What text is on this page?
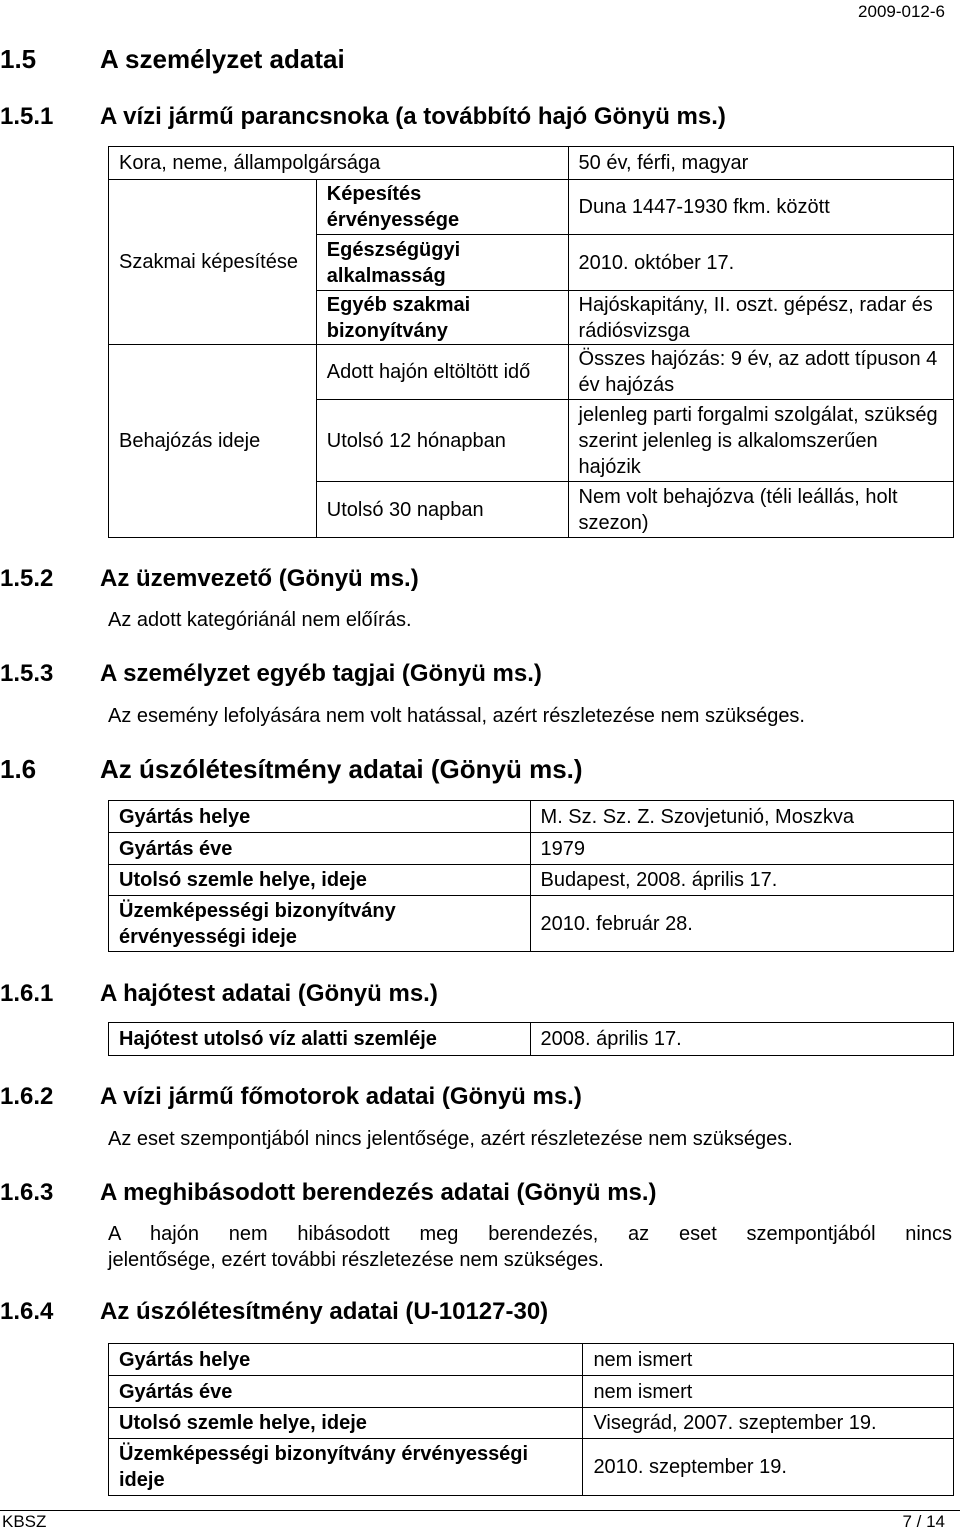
2009-012-6
1.5 A személyzet adatai
1.5.1 A vízi jármű parancsnoka (a továbbító hajó Gönyü ms.)
Kora, neme, állampolgársága		50 év, férfi, magyar
Szakmai képesítése	Képesítés érvényessége	Duna 1447-1930 fkm. között
	Egészségügyi alkalmasság	2010. október 17.
	Egyéb szakmai bizonyítvány	Hajóskapitány, II. oszt. gépész, radar és rádiósvizsga
Behajózás ideje	Adott hajón eltöltött idő	Összes hajózás: 9 év, az adott típuson 4 év hajózás
	Utolsó 12 hónapban	jelenleg parti forgalmi szolgálat, szükség szerint jelenleg is alkalomszerűen hajózik
	Utolsó 30 napban	Nem volt behajózva (téli leállás, holt szezon)
1.5.2 Az üzemvezető (Gönyü ms.)
Az adott kategóriánál nem előírás.
1.5.3 A személyzet egyéb tagjai (Gönyü ms.)
Az esemény lefolyására nem volt hatással, azért részletezése nem szükséges.
1.6 Az úszólétesítmény adatai (Gönyü ms.)
Gyártás helye	M. Sz. Sz. Z. Szovjetunió, Moszkva
Gyártás éve	1979
Utolsó szemle helye, ideje	Budapest, 2008. április 17.
Üzemképességi bizonyítvány érvényességi ideje	2010. február 28.
1.6.1 A hajótest adatai (Gönyü ms.)
Hajótest utolsó víz alatti szemléje	2008. április 17.
1.6.2 A vízi jármű főmotorok adatai (Gönyü ms.)
Az eset szempontjából nincs jelentősége, azért részletezése nem szükséges.
1.6.3 A meghibásodott berendezés adatai (Gönyü ms.)
A hajón nem hibásodott meg berendezés, az eset szempontjából nincs
jelentősége, ezért további részletezése nem szükséges.
1.6.4 Az úszólétesítmény adatai (U-10127-30)
Gyártás helye	nem ismert
Gyártás éve	nem ismert
Utolsó szemle helye, ideje	Visegrád, 2007. szeptember 19.
Üzemképességi bizonyítvány érvényességi ideje	2010. szeptember 19.
KBSZ	7 / 14
